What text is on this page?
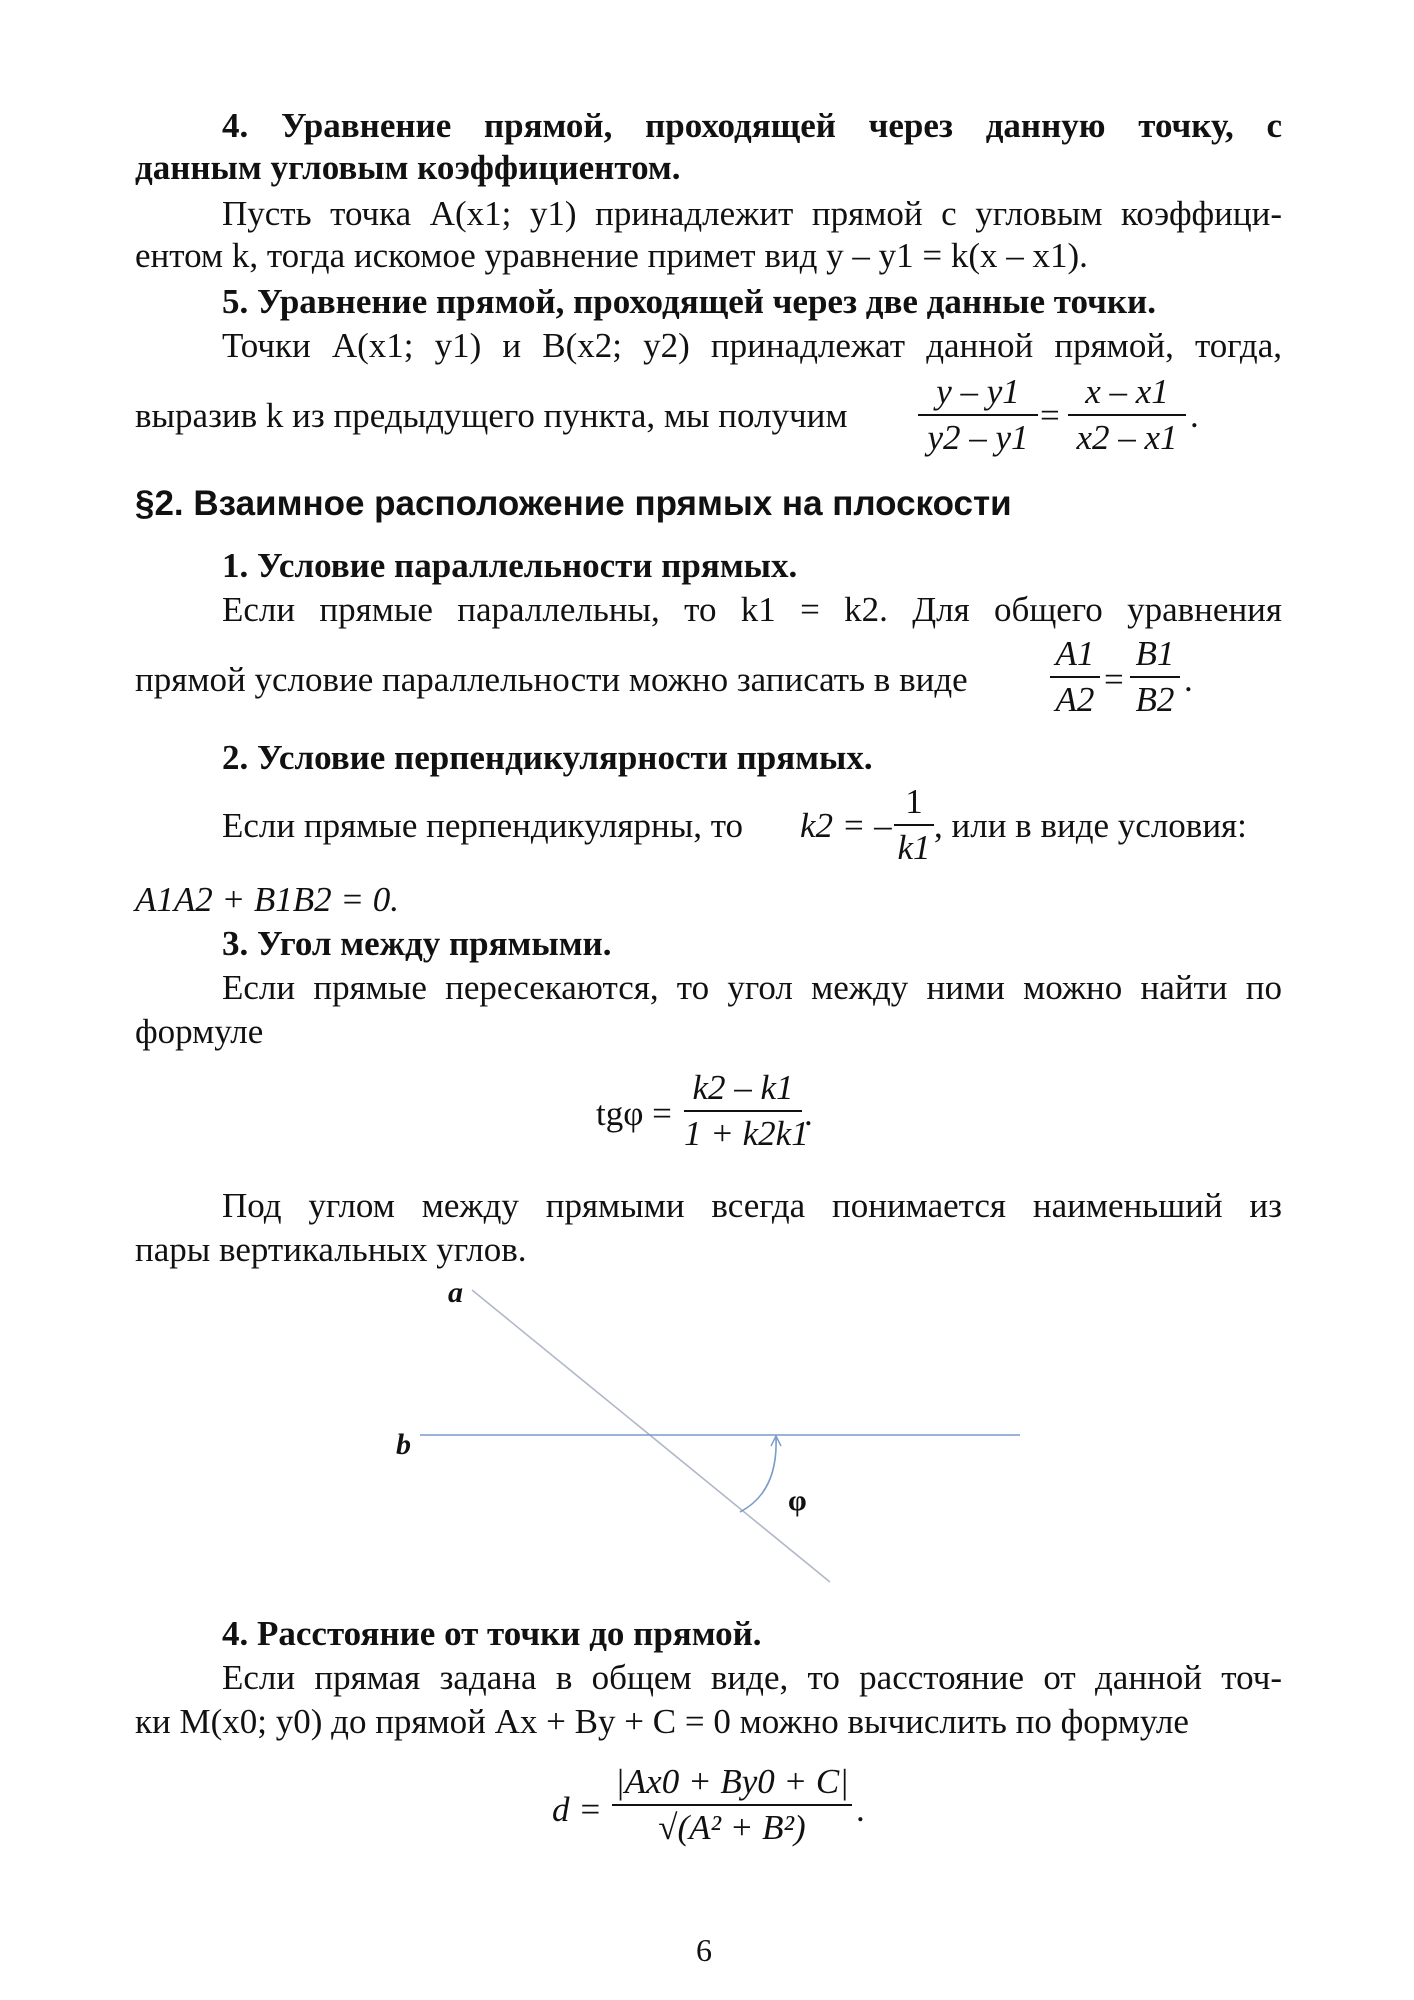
4. Уравнение прямой, проходящей через данную точку, с
данным угловым коэффициентом.
Пусть точка A(x1; y1) принадлежит прямой с угловым коэффици-
ентом k, тогда искомое уравнение примет вид y – y1 = k(x – x1).
5. Уравнение прямой, проходящей через две данные точки.
Точки A(x1; y1) и B(x2; y2) принадлежат данной прямой, тогда,
выразив k из предыдущего пункта, мы получим
y – y1
y2 – y1
=
x – x1
x2 – x1
.
§2. Взаимное расположение прямых на плоскости
1. Условие параллельности прямых.
Если прямые параллельны, то k1 = k2. Для общего уравнения
прямой условие параллельности можно записать в виде
A1
A2
=
B1
B2
.
2. Условие перпендикулярности прямых.
Если прямые перпендикулярны, то k2 = –
1
k1
, или в виде условия:
A1A2 + B1B2 = 0.
3. Угол между прямыми.
Если прямые пересекаются, то угол между ними можно найти по
формуле
tgφ =
k2 – k1
1 + k2k1
.
Под углом между прямыми всегда понимается наименьший из
пары вертикальных углов.
a
b
φ
4. Расстояние от точки до прямой.
Если прямая задана в общем виде, то расстояние от данной точ-
ки M(x0; y0) до прямой Ax + By + C = 0 можно вычислить по формуле
d =
|Ax0 + By0 + C|
√(A² + B²)	.
6
